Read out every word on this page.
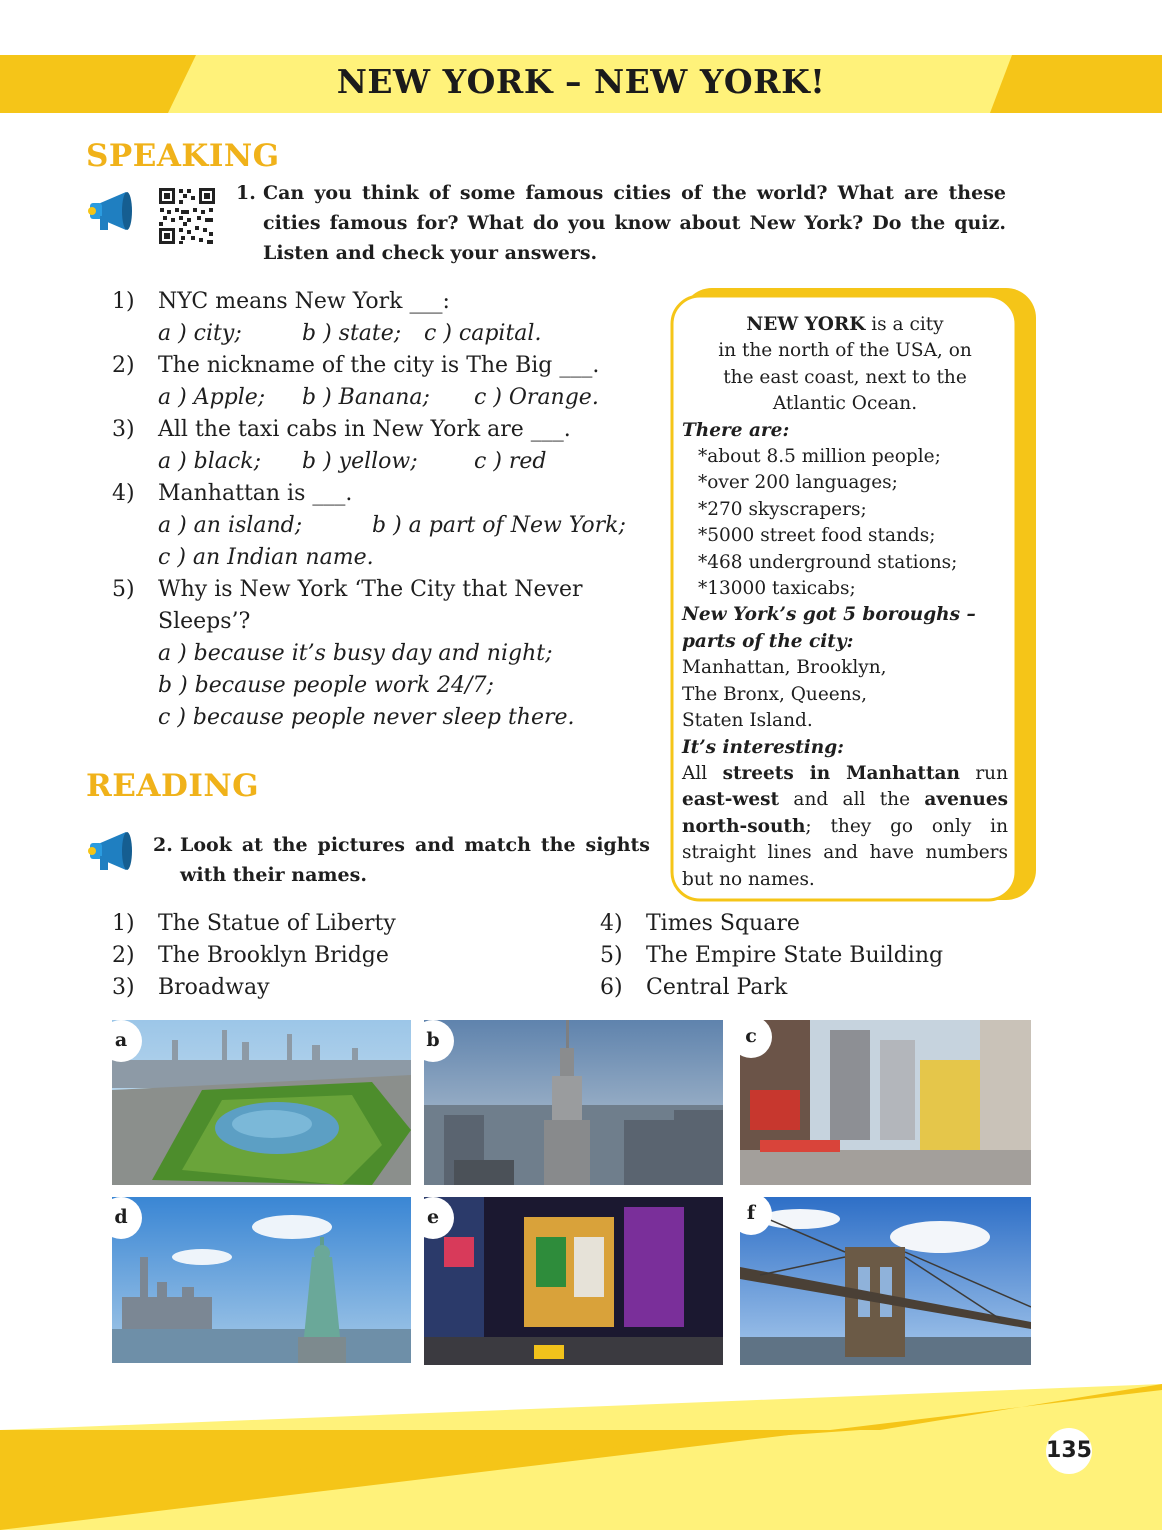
NEW YORK – NEW YORK!
SPEAKING
1. Can you think of some famous cities of the world? What are these cities famous for? What do you know about New York? Do the quiz. Listen and check your answers.
1) NYC means New York ___:
a ) city;	b ) state; c ) capital.
2) The nickname of the city is The Big ___.
a ) Apple; b ) Banana; c ) Orange.
3) All the taxi cabs in New York are ___.
a ) black; b ) yellow;	c ) red
4) Manhattan is ___.
a ) an island;	b ) a part of New York;
c ) an Indian name.
5) Why is New York ‘The City that Never Sleeps’?
a ) because it’s busy day and night;
b ) because people work 24/7;
c ) because people never sleep there.
NEW YORK is a city
in the north of the USA, on
the east coast, next to the
Atlantic Ocean.
There are:
*about 8.5 million people;
*over 200 languages;
*270 skyscrapers;
*5000 street food stands;
*468 underground stations;
*13000 taxicabs;
New York’s got 5 boroughs –
parts of the city:
Manhattan, Brooklyn,
The Bronx, Queens,
Staten Island.
It’s interesting:
All streets in Manhattan run east-west and all the avenues north-south; they go only in straight lines and have numbers but no names.
READING
2. Look at the pictures and match the sights with their names.
1) The Statue of Liberty
2) The Brooklyn Bridge
3) Broadway
4) Times Square
5) The Empire State Building
6) Central Park
a	b	c
d	e	f
135
